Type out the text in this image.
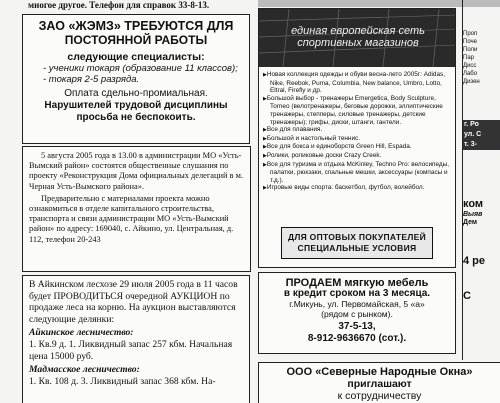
многое другое. Телефон для справок 33-8-13.
ЗАО «ЖЭМЗ» ТРЕБУЮТСЯ ДЛЯ
ПОСТОЯННОЙ РАБОТЫ
следующие специалисты:
- ученики токаря (образование 11 классов);
- токаря 2-5 разряда.
Оплата сдельно-промиальная.
Нарушителей трудовой дисциплины
просьба не беспокоить.

5 августа 2005 года в 13.00 в администрации МО «Усть-Вымский район» состоятся общественные слушания по проекту «Реконструкция Дома официальных делегаций в м. Черная Усть-Вымского района».

Предварительно с материалами проекта можно ознакомиться в отделе капитального строительства, транспорта и связи администрации МО «Усть-Вымский район» по адресу: 169040, с. Айкино, ул. Центральная, д. 112, телефон 20-243

В Айкинском лесхозе 29 июля 2005 года в 11 часов будет ПРОВОДИТЬСЯ очередной АУКЦИОН по продаже леса на корню. На аукцион выставляются следующие делянки:

Айкинское лесничество:

1. Кв.9 д. 1. Ликвидный запас 257 кбм. Начальная цена 15000 руб.

Мадмасское лесничество:

1. Кв. 108 д. 3. Ликвидный запас 368 кбм. На-

единая европейская сеть
спортивных магазинов
▶ Новая коллекция одежды и обуви весна-лето 2005г: Adidas, Nike, Reebok, Puma, Columbia, New balance, Umbro, Lotto, Eltral, Firefly и др.
▶ Большой выбор - тренажеры Emergetica, Body Sculpture, Torneo (велотренажеры, беговые дорожки, эллиптические тренажеры, степперы, силовые тренажеры, детские тренажеры); грифы, диски, штанги, гантели.
▶ Все для плавания.
▶ Большой и настольный теннис.
▶ Все для бокса и единоборств Green Hill, Espada.
▶ Ролики, роликовые доски Crazy Creek.
▶ Все для туризма и отдыха McKinley, Techno Pro: велосипеды, палатки, рюкзаки, спальные мешки, аксессуары (компасы и т.д.).
▶ Игровые виды спорта: баскетбол, футбол, волейбол.
ДЛЯ ОПТОВЫХ ПОКУПАТЕЛЕЙ
СПЕЦИАЛЬНЫЕ УСЛОВИЯ
ПРОДАЕМ мягкую мебель
в кредит сроком на 3 месяца.
г.Микунь, ул. Первомайская, 5 «а»
(рядом с рынком).
37-5-13,
8-912-9636670 (сот.).
ООО «Северные Народные Окна»
приглашают
к сотрудничеству
Проп
Поче
Поли
Пар
Дисс
Лабо
Дизен
г. Ро
ул. С
т. 3-
ком
Выяв
Дем
4 ре
С
